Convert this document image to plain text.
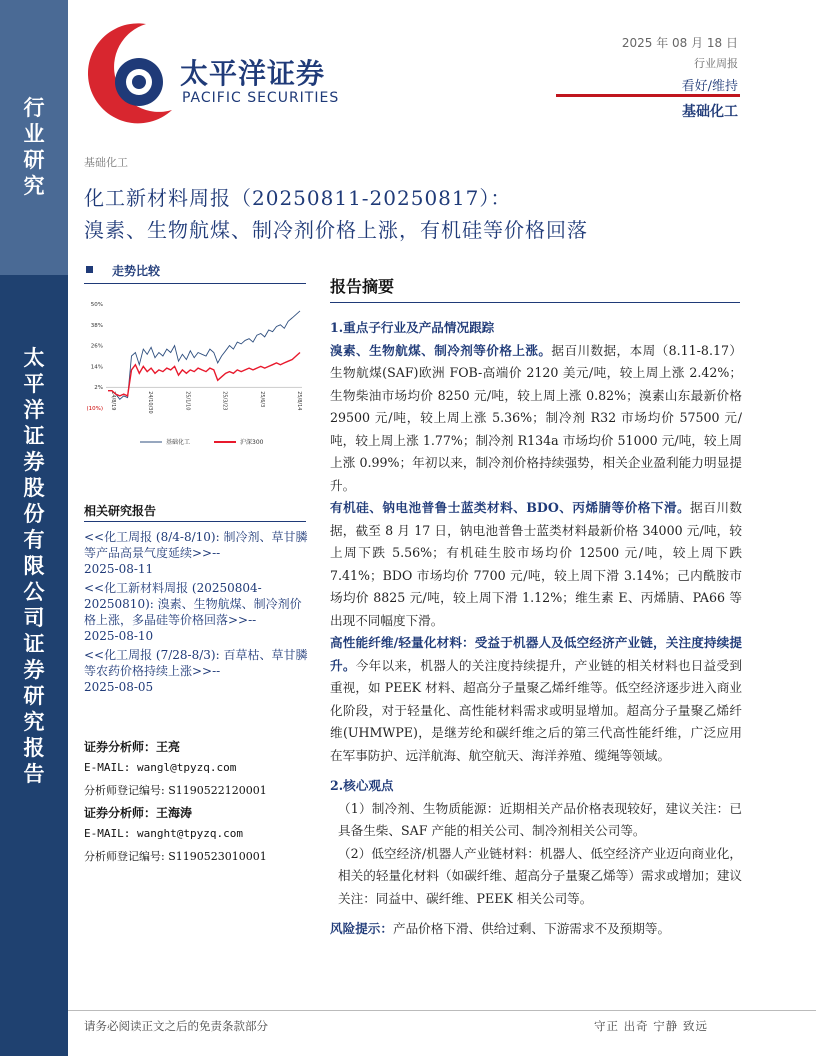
行
业
研
究
太
平
洋
证
券
股
份
有
限
公
司
证
券
研
究
报
告
太平洋证券
PACIFIC SECURITIES
2025 年 08 月 18 日
行业周报
看好/维持
基础化工
基础化工
化工新材料周报（20250811-20250817）：
溴素、生物航煤、制冷剂价格上涨，有机硅等价格回落
走势比较
50%
38%
26%
14%
2%
(10%) 24/8/19	24/10/30	25/1/10	25/3/23	25/6/3	25/8/14
基础化工	沪深300
相关研究报告
<<化工周报 (8/4-8/10): 制冷剂、草甘膦等产品高景气度延续>>--
2025-08-11
<<化工新材料周报 (20250804-20250810): 溴素、生物航煤、制冷剂价格上涨，多晶硅等价格回落>>--
2025-08-10
<<化工周报 (7/28-8/3): 百草枯、草甘膦等农药价格持续上涨>>--
2025-08-05
证券分析师：王亮
E-MAIL: wangl@tpyzq.com
分析师登记编号: S1190522120001
证券分析师：王海涛
E-MAIL: wanght@tpyzq.com
分析师登记编号: S1190523010001
报告摘要
1.重点子行业及产品情况跟踪

溴素、生物航煤、制冷剂等价格上涨。据百川数据，本周（8.11-8.17）生物航煤(SAF)欧洲 FOB-高端价 2120 美元/吨，较上周上涨 2.42%；生物柴油市场均价 8250 元/吨，较上周上涨 0.82%；溴素山东最新价格 29500 元/吨，较上周上涨 5.36%；制冷剂 R32 市场均价 57500 元/吨，较上周上涨 1.77%；制冷剂 R134a 市场均价 51000 元/吨，较上周上涨 0.99%；年初以来，制冷剂价格持续强势，相关企业盈利能力明显提升。

有机硅、钠电池普鲁士蓝类材料、BDO、丙烯腈等价格下滑。据百川数据，截至 8 月 17 日，钠电池普鲁士蓝类材料最新价格 34000 元/吨，较上周下跌 5.56%；有机硅生胶市场均价 12500 元/吨，较上周下跌 7.41%；BDO 市场均价 7700 元/吨，较上周下滑 3.14%；己内酰胺市场均价 8825 元/吨，较上周下滑 1.12%；维生素 E、丙烯腈、PA66 等出现不同幅度下滑。

高性能纤维/轻量化材料：受益于机器人及低空经济产业链，关注度持续提升。今年以来，机器人的关注度持续提升，产业链的相关材料也日益受到重视，如 PEEK 材料、超高分子量聚乙烯纤维等。低空经济逐步进入商业化阶段，对于轻量化、高性能材料需求或明显增加。超高分子量聚乙烯纤维(UHMWPE)，是继芳纶和碳纤维之后的第三代高性能纤维，广泛应用在军事防护、远洋航海、航空航天、海洋养殖、缆绳等领域。

2.核心观点

（1）制冷剂、生物质能源：近期相关产品价格表现较好，建议关注：已具备生柴、SAF 产能的相关公司、制冷剂相关公司等。

（2）低空经济/机器人产业链材料：机器人、低空经济产业迈向商业化，相关的轻量化材料（如碳纤维、超高分子量聚乙烯等）需求或增加；建议关注：同益中、碳纤维、PEEK 相关公司等。

风险提示：产品价格下滑、供给过剩、下游需求不及预期等。

请务必阅读正文之后的免责条款部分	守正 出奇 宁静 致远
